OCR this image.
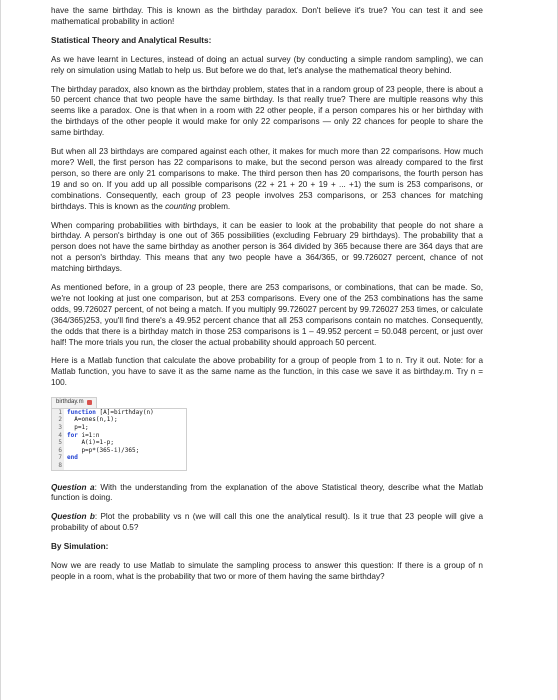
have the same birthday. This is known as the birthday paradox. Don't believe it's true? You can test it and see mathematical probability in action!

Statistical Theory and Analytical Results:

As we have learnt in Lectures, instead of doing an actual survey (by conducting a simple random sampling), we can rely on simulation using Matlab to help us. But before we do that, let's analyse the mathematical theory behind.

The birthday paradox, also known as the birthday problem, states that in a random group of 23 people, there is about a 50 percent chance that two people have the same birthday. Is that really true? There are multiple reasons why this seems like a paradox. One is that when in a room with 22 other people, if a person compares his or her birthday with the birthdays of the other people it would make for only 22 comparisons — only 22 chances for people to share the same birthday.

But when all 23 birthdays are compared against each other, it makes for much more than 22 comparisons. How much more? Well, the first person has 22 comparisons to make, but the second person was already compared to the first person, so there are only 21 comparisons to make. The third person then has 20 comparisons, the fourth person has 19 and so on. If you add up all possible comparisons (22 + 21 + 20 + 19 + ... +1) the sum is 253 comparisons, or combinations. Consequently, each group of 23 people involves 253 comparisons, or 253 chances for matching birthdays. This is known as the counting problem.

When comparing probabilities with birthdays, it can be easier to look at the probability that people do not share a birthday. A person's birthday is one out of 365 possibilities (excluding February 29 birthdays). The probability that a person does not have the same birthday as another person is 364 divided by 365 because there are 364 days that are not a person's birthday. This means that any two people have a 364/365, or 99.726027 percent, chance of not matching birthdays.

As mentioned before, in a group of 23 people, there are 253 comparisons, or combinations, that can be made. So, we're not looking at just one comparison, but at 253 comparisons. Every one of the 253 combinations has the same odds, 99.726027 percent, of not being a match. If you multiply 99.726027 percent by 99.726027 253 times, or calculate (364/365)253, you'll find there's a 49.952 percent chance that all 253 comparisons contain no matches. Consequently, the odds that there is a birthday match in those 253 comparisons is 1 – 49.952 percent = 50.048 percent, or just over half! The more trials you run, the closer the actual probability should approach 50 percent.

Here is a Matlab function that calculate the above probability for a group of people from 1 to n. Try it out. Note: for a Matlab function, you have to save it as the same name as the function, in this case we save it as birthday.m. Try n = 100.

birthday.m
1
2
3
4
5
6
7
8
function [A]=birthday(n)
A=ones(n,1);
p=1;
for i=1:n
A(i)=1-p;
p=p*(365-i)/365;
end

Question a: With the understanding from the explanation of the above Statistical theory, describe what the Matlab function is doing.

Question b: Plot the probability vs n (we will call this one the analytical result). Is it true that 23 people will give a probability of about 0.5?

By Simulation:

Now we are ready to use Matlab to simulate the sampling process to answer this question: If there is a group of n people in a room, what is the probability that two or more of them having the same birthday?
